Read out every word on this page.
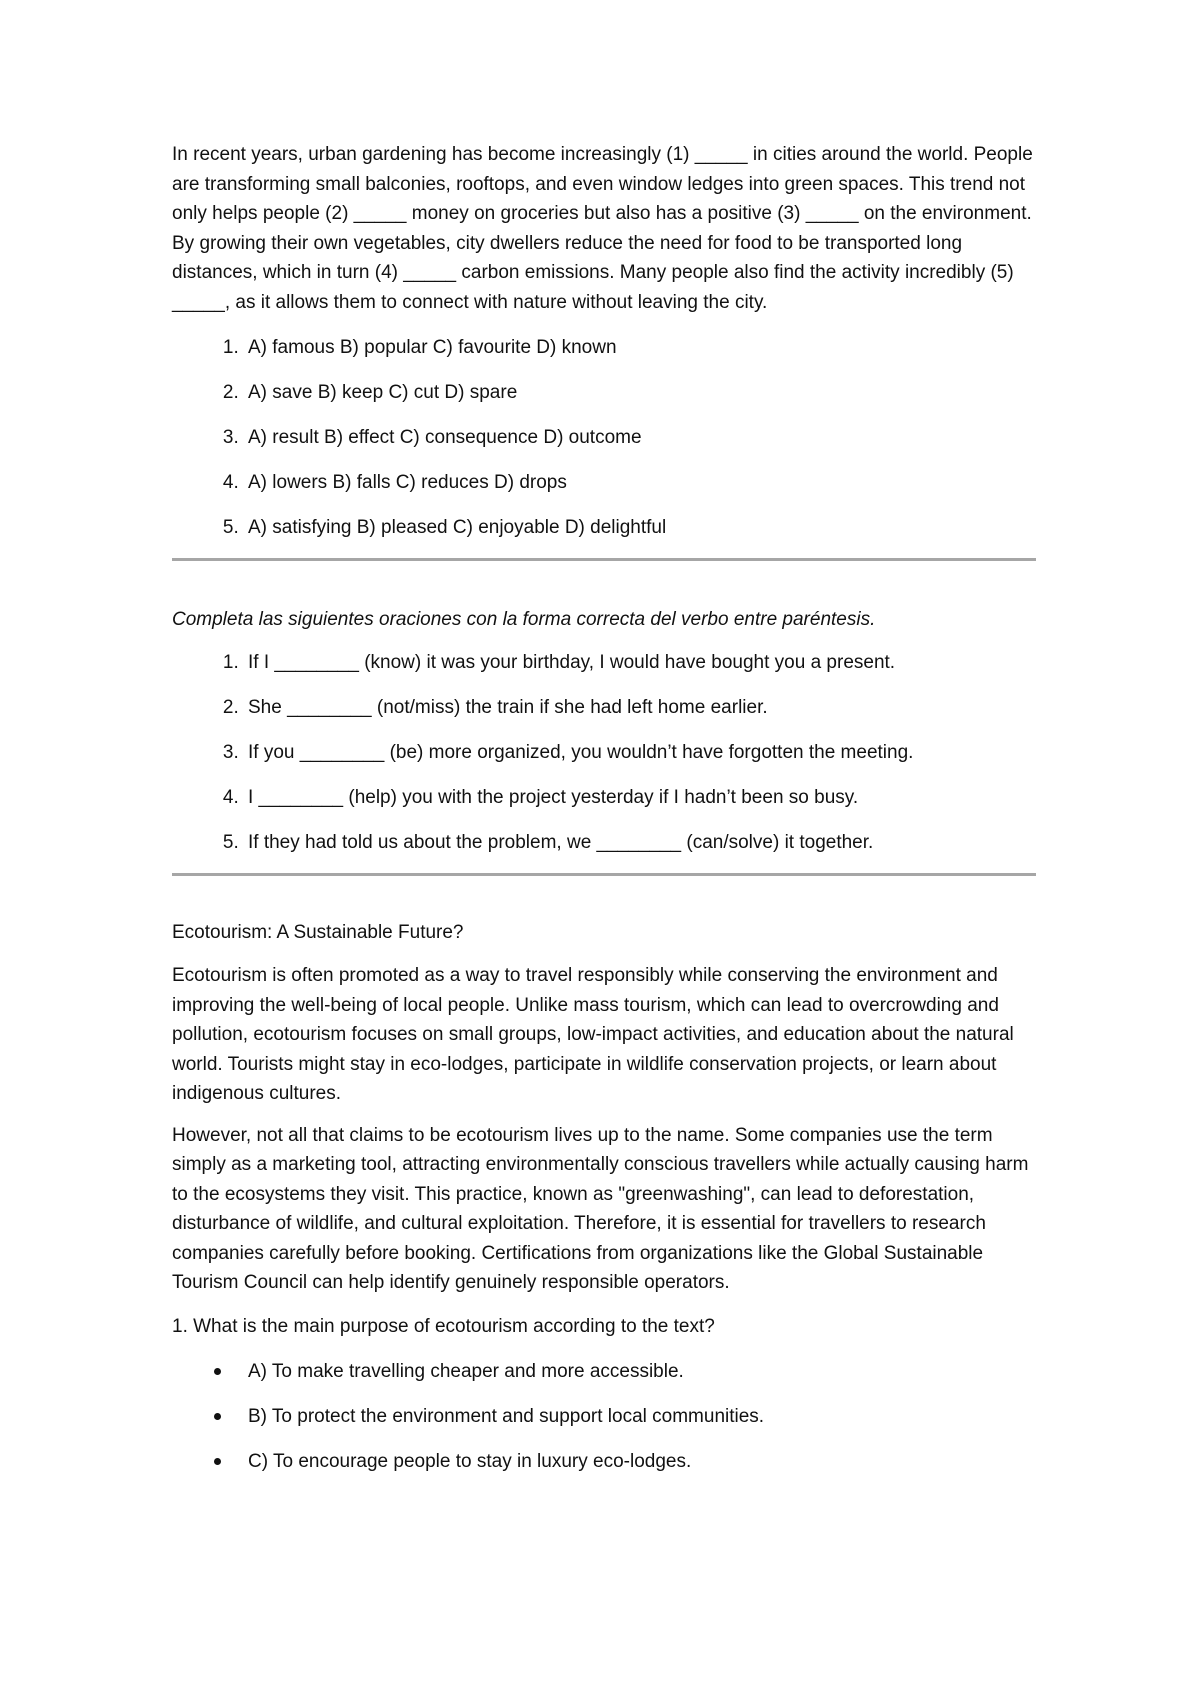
In recent years, urban gardening has become increasingly (1) _____ in cities around the world. People are transforming small balconies, rooftops, and even window ledges into green spaces. This trend not only helps people (2) _____ money on groceries but also has a positive (3) _____ on the environment. By growing their own vegetables, city dwellers reduce the need for food to be transported long distances, which in turn (4) _____ carbon emissions. Many people also find the activity incredibly (5) _____, as it allows them to connect with nature without leaving the city.

1. A) famous B) popular C) favourite D) known
2. A) save B) keep C) cut D) spare
3. A) result B) effect C) consequence D) outcome
4. A) lowers B) falls C) reduces D) drops
5. A) satisfying B) pleased C) enjoyable D) delightful

Completa las siguientes oraciones con la forma correcta del verbo entre paréntesis.

1. If I ________ (know) it was your birthday, I would have bought you a present.
2. She ________ (not/miss) the train if she had left home earlier.
3. If you ________ (be) more organized, you wouldn’t have forgotten the meeting.
4. I ________ (help) you with the project yesterday if I hadn’t been so busy.
5. If they had told us about the problem, we ________ (can/solve) it together.

Ecotourism: A Sustainable Future?

Ecotourism is often promoted as a way to travel responsibly while conserving the environment and improving the well-being of local people. Unlike mass tourism, which can lead to overcrowding and pollution, ecotourism focuses on small groups, low-impact activities, and education about the natural world. Tourists might stay in eco-lodges, participate in wildlife conservation projects, or learn about indigenous cultures.

However, not all that claims to be ecotourism lives up to the name. Some companies use the term simply as a marketing tool, attracting environmentally conscious travellers while actually causing harm to the ecosystems they visit. This practice, known as "greenwashing", can lead to deforestation, disturbance of wildlife, and cultural exploitation. Therefore, it is essential for travellers to research companies carefully before booking. Certifications from organizations like the Global Sustainable Tourism Council can help identify genuinely responsible operators.

1. What is the main purpose of ecotourism according to the text?

A) To make travelling cheaper and more accessible.
B) To protect the environment and support local communities.
C) To encourage people to stay in luxury eco-lodges.
